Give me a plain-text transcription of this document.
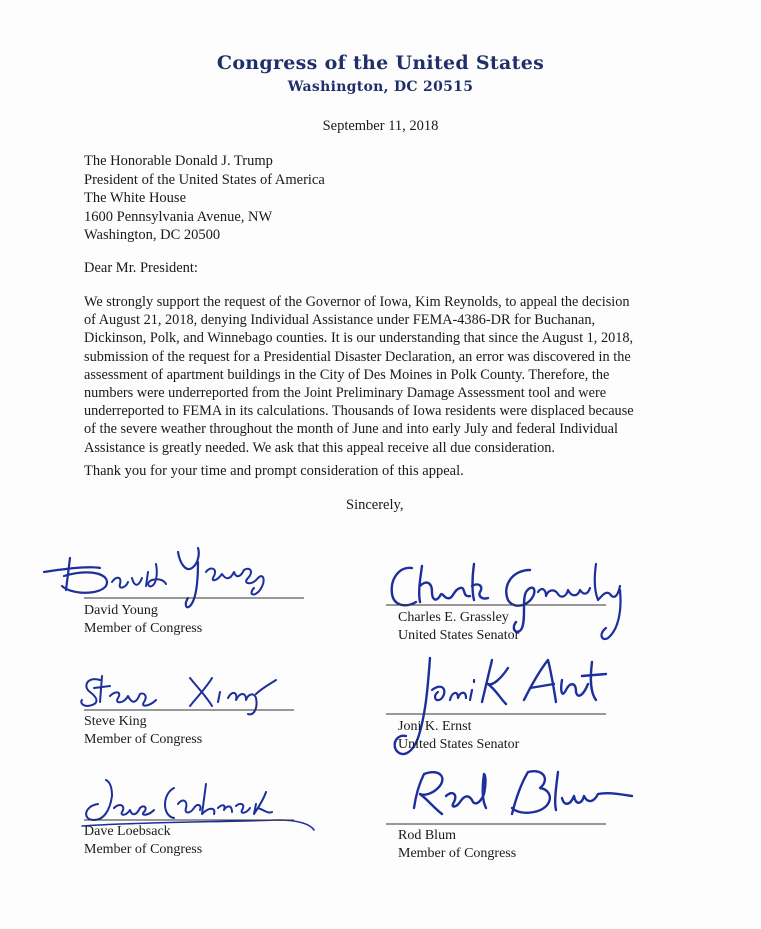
Congress of the United States
Washington, DC 20515
September 11, 2018
The Honorable Donald J. Trump
President of the United States of America
The White House
1600 Pennsylvania Avenue, NW
Washington, DC 20500
Dear Mr. President:
We strongly support the request of the Governor of Iowa, Kim Reynolds, to appeal the decision
of August 21, 2018, denying Individual Assistance under FEMA-4386-DR for Buchanan,
Dickinson, Polk, and Winnebago counties. It is our understanding that since the August 1, 2018,
submission of the request for a Presidential Disaster Declaration, an error was discovered in the
assessment of apartment buildings in the City of Des Moines in Polk County. Therefore, the
numbers were underreported from the Joint Preliminary Damage Assessment tool and were
underreported to FEMA in its calculations. Thousands of Iowa residents were displaced because
of the severe weather throughout the month of June and into early July and federal Individual
Assistance is greatly needed. We ask that this appeal receive all due consideration.
Thank you for your time and prompt consideration of this appeal.
Sincerely,
David Young
Member of Congress
Charles E. Grassley
United States Senator
Steve King
Member of Congress
Joni K. Ernst
United States Senator
Dave Loebsack
Member of Congress
Rod Blum
Member of Congress
